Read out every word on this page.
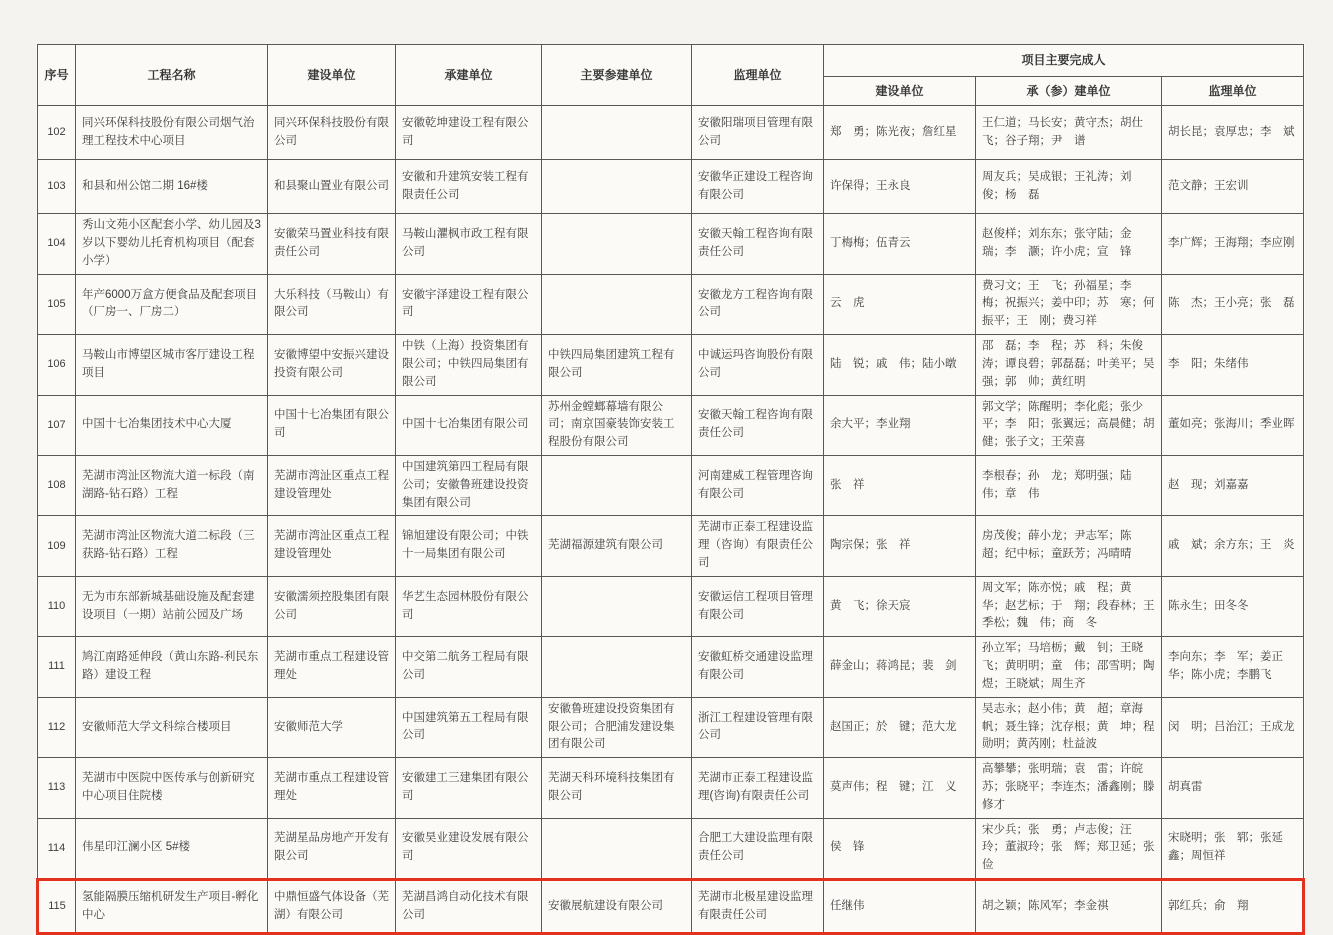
序号	工程名称	建设单位	承建单位	主要参建单位	监理单位	项目主要完成人		
						建设单位	承（参）建单位	监理单位
102	同兴环保科技股份有限公司烟气治理工程技术中心项目	同兴环保科技股份有限公司	安徽乾坤建设工程有限公司		安徽阳瑞项目管理有限公司	郑　勇；陈光夜；詹红星	王仁道；马长安；黄守杰；胡仕飞；谷子翔；尹　谱	胡长昆；袁厚忠；李　斌
103	和县和州公馆二期 16#楼	和县聚山置业有限公司	安徽和升建筑安装工程有限责任公司		安徽华正建设工程咨询有限公司	许保得；王永良	周友兵；吴成银；王礼涛；刘　俊；杨　磊	范文静；王宏训
104	秀山文苑小区配套小学、幼儿园及3岁以下婴幼儿托育机构项目（配套小学）	安徽荣马置业科技有限责任公司	马鞍山灈枫市政工程有限公司		安徽天翰工程咨询有限责任公司	丁梅梅；伍青云	赵俊样；刘东东；张守陆；金　瑞；李　灏；许小虎；宣　锋	李广辉；王海翔；李应刚
105	年产6000万盒方便食品及配套项目（厂房一、厂房二）	大乐科技（马鞍山）有限公司	安徽宇泽建设工程有限公司		安徽龙方工程咨询有限公司	云　虎	费习文；王　飞；孙福星；李　梅；祝振兴；姜中印；苏　寒；何振平；王　刚；费习祥	陈　杰；王小亮；张　磊
106	马鞍山市博望区城市客厅建设工程项目	安徽博望中安振兴建设投资有限公司	中铁（上海）投资集团有限公司；中铁四局集团有限公司	中铁四局集团建筑工程有限公司	中诚运玛咨询股份有限公司	陆　锐；戚　伟；陆小暾	邵　磊；李　程；苏　科；朱俊涛；谭良碧；郭磊磊；叶美平；吴　强；郭　帅；黄红明	李　阳；朱绪伟
107	中国十七冶集团技术中心大厦	中国十七冶集团有限公司	中国十七冶集团有限公司	苏州金螳螂幕墙有限公司；南京国豪装饰安装工程股份有限公司	安徽天翰工程咨询有限责任公司	余大平；李业翔	郭文学；陈醒明；李化彪；张少平；李　阳；张翼远；高晨健；胡　健；张子文；王荣喜	董如亮；张海川；季业晖
108	芜湖市湾沚区物流大道一标段（南湖路-钻石路）工程	芜湖市湾沚区重点工程建设管理处	中国建筑第四工程局有限公司；安徽鲁班建设投资集团有限公司		河南建威工程管理咨询有限公司	张　祥	李根春；孙　龙；郑明强；陆　伟；章　伟	赵　现；刘嘉嘉
109	芜湖市湾沚区物流大道二标段（三获路-钻石路）工程	芜湖市湾沚区重点工程建设管理处	锦旭建设有限公司；中铁十一局集团有限公司	芜湖福源建筑有限公司	芜湖市正泰工程建设监理（咨询）有限责任公司	陶宗保；张　祥	房茂俊；薛小龙；尹志军；陈　超；纪中标；童跃芳；冯晴晴	戚　斌；余方东；王　炎
110	无为市东部新城基础设施及配套建设项目（一期）站前公园及广场	安徽濡须控股集团有限公司	华艺生态园林股份有限公司		安徽运信工程项目管理有限公司	黄　飞；徐天宸	周文军；陈亦悦；戚　程；黄　华；赵艺标；于　翔；段春林；王季松；魏　伟；商　冬	陈永生；田冬冬
111	鸠江南路延伸段（黄山东路-利民东路）建设工程	芜湖市重点工程建设管理处	中交第二航务工程局有限公司		安徽虹桥交通建设监理有限公司	薛金山；蒋鸿昆；裴　剑	孙立军；马培栃；戴　钊；王晓飞；黄明明；童　伟；邵雪明；陶　煜；王晓斌；周生齐	李向东；李　军；姜正华；陈小虎；李鹏飞
112	安徽师范大学文科综合楼项目	安徽师范大学	中国建筑第五工程局有限公司	安徽鲁班建设投资集团有限公司；合肥浦发建设集团有限公司	浙江工程建设管理有限公司	赵国正；於　键；范大龙	吴志永；赵小伟；黄　超；章海帆；聂生锋；沈存根；黄　坤；程勋明；黄芮刚；杜益波	闵　明；吕治江；王成龙
113	芜湖市中医院中医传承与创新研究中心项目住院楼	芜湖市重点工程建设管理处	安徽建工三建集团有限公司	芜湖天科环境科技集团有限公司	芜湖市正泰工程建设监理(咨询)有限责任公司	莫声伟；程　键；江　义	高攀攀；张明瑞；袁　雷；许皖苏；张晓平；李连杰；潘鑫刚；滕修才	胡真雷
114	伟星印江澜小区 5#楼	芜湖星品房地产开发有限公司	安徽昊业建设发展有限公司		合肥工大建设监理有限责任公司	侯　锋	宋少兵；张　勇；卢志俊；汪　玲；董淑玲；张　辉；郑卫延；张　俭	宋晓明；张　郓；张延鑫；周恒祥
115	氢能隔膜压缩机研发生产项目-孵化中心	中鼎恒盛气体设备（芜湖）有限公司	芜湖昌鸿自动化技术有限公司	安徽展航建设有限公司	芜湖市北极星建设监理有限责任公司	任继伟	胡之颖；陈风军；李金祺	郭红兵；俞　翔
